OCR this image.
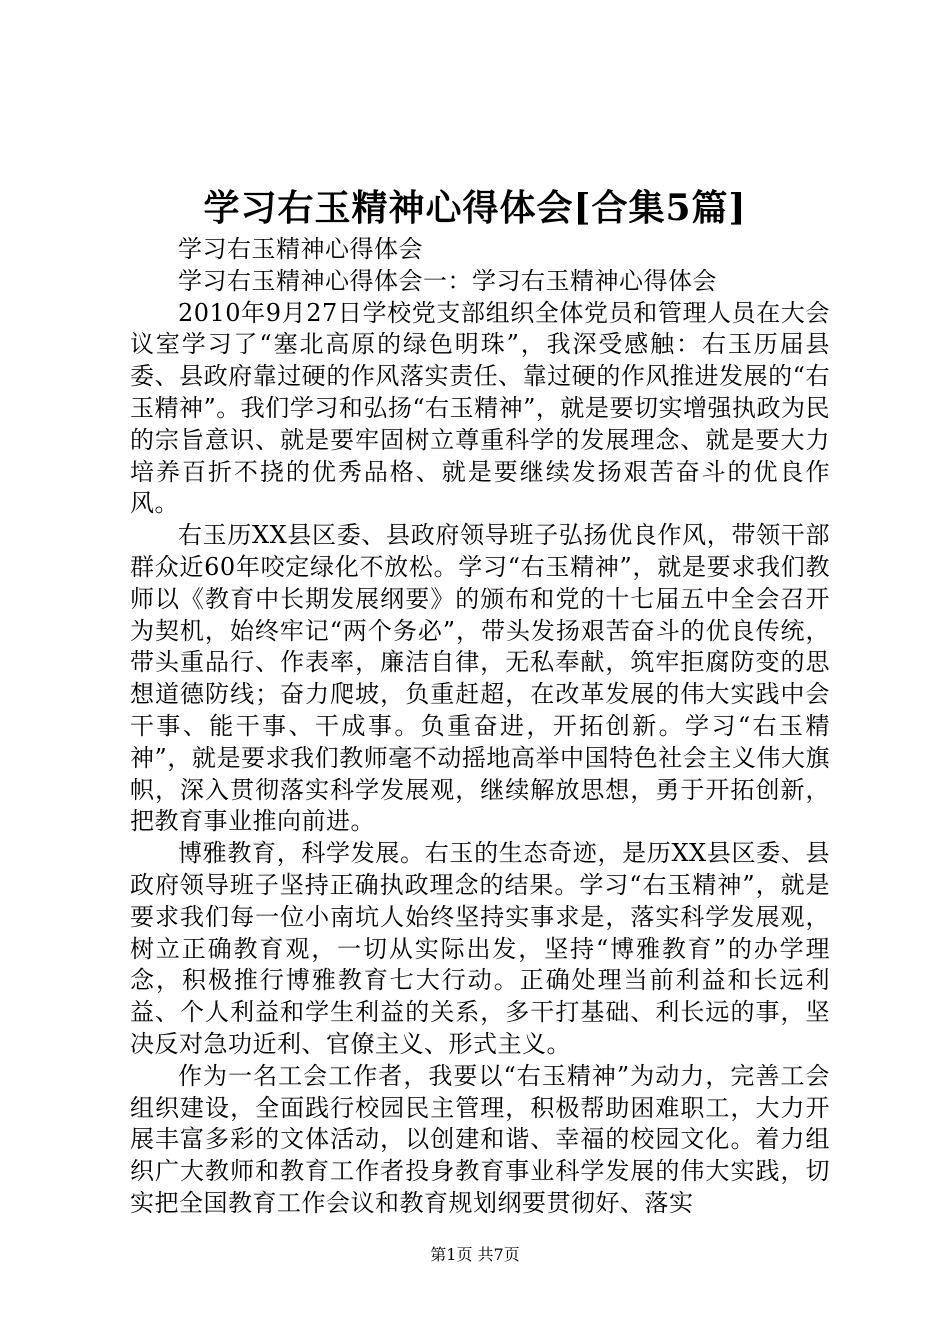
学习右玉精神心得体会[合集5篇]

学习右玉精神心得体会

学习右玉精神心得体会一：学习右玉精神心得体会

2010年9月27日学校党支部组织全体党员和管理人员在大会议室学习了“塞北高原的绿色明珠”，我深受感触：右玉历届县委、县政府靠过硬的作风落实责任、靠过硬的作风推进发展的“右玉精神”。我们学习和弘扬“右玉精神”，就是要切实增强执政为民的宗旨意识、就是要牢固树立尊重科学的发展理念、就是要大力培养百折不挠的优秀品格、就是要继续发扬艰苦奋斗的优良作风。

右玉历XX县区委、县政府领导班子弘扬优良作风，带领干部群众近60年咬定绿化不放松。学习“右玉精神”，就是要求我们教师以《教育中长期发展纲要》的颁布和党的十七届五中全会召开为契机，始终牢记“两个务必”，带头发扬艰苦奋斗的优良传统，带头重品行、作表率，廉洁自律，无私奉献，筑牢拒腐防变的思想道德防线；奋力爬坡，负重赶超，在改革发展的伟大实践中会干事、能干事、干成事。负重奋进，开拓创新。学习“右玉精神”，就是要求我们教师毫不动摇地高举中国特色社会主义伟大旗帜，深入贯彻落实科学发展观，继续解放思想，勇于开拓创新，把教育事业推向前进。

博雅教育，科学发展。右玉的生态奇迹，是历XX县区委、县政府领导班子坚持正确执政理念的结果。学习“右玉精神”，就是要求我们每一位小南坑人始终坚持实事求是，落实科学发展观，树立正确教育观，一切从实际出发，坚持“博雅教育”的办学理念，积极推行博雅教育七大行动。正确处理当前利益和长远利益、个人利益和学生利益的关系，多干打基础、利长远的事，坚决反对急功近利、官僚主义、形式主义。

作为一名工会工作者，我要以“右玉精神”为动力，完善工会组织建设，全面践行校园民主管理，积极帮助困难职工，大力开展丰富多彩的文体活动，以创建和谐、幸福的校园文化。着力组织广大教师和教育工作者投身教育事业科学发展的伟大实践，切实把全国教育工作会议和教育规划纲要贯彻好、落实

第1页 共7页
